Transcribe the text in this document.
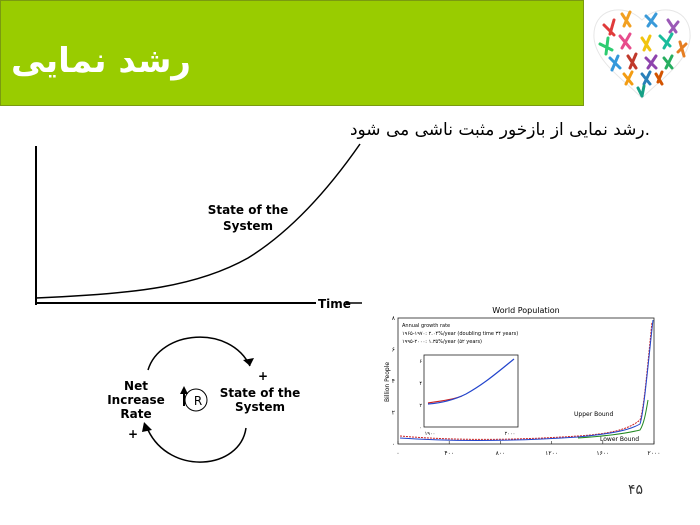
رشد نمایی
.رشد نمایی از بازخور مثبت ناشی می شود
State of the
System
Time
Net
Increase
Rate
State of the
System
+
+
R
World Population
Billion People
Annual growth rate
۱۹۶۵-۱۹۷۰: ۲.۰۴%/year (doubling time ۳۴ years)
۱۹۹۵-۲۰۰۰: ۱.۳۵%/year (۵۲ years)
Upper Bound
Lower Bound
۰	۴۰۰	۸۰۰	۱۲۰۰	۱۶۰۰	۲۰۰۰
۰
۲
۴
۶
۸
۱۹۰۰	۲۰۰۰
۰
۲
۴
۶
۴۵
